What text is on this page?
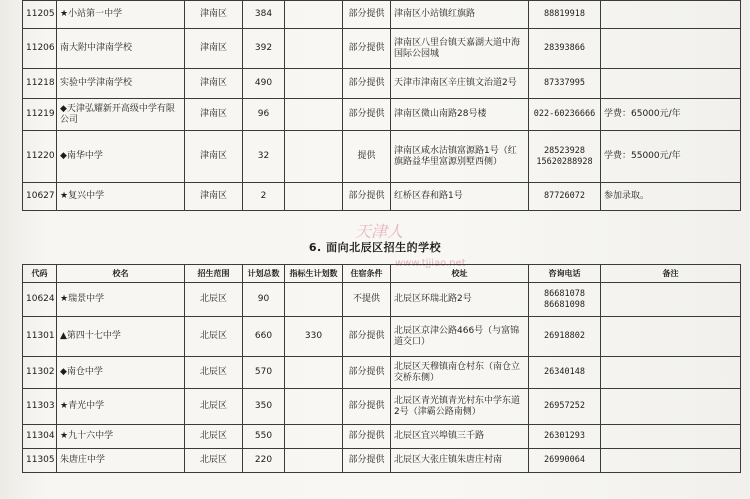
11205	★小站第一中学	津南区	384		部分提供	津南区小站镇红旗路	88819918	
11206	南大附中津南学校	津南区	392		部分提供	津南区八里台镇天嘉湖大道中海国际公园城	28393866	
11218	实验中学津南学校	津南区	490		部分提供	天津市津南区辛庄镇文治道2号	87337995	
11219	◆天津弘耀新开高级中学有限公司	津南区	96		部分提供	津南区微山南路28号楼	022-60236666	学费：65000元/年
11220	◆南华中学	津南区	32		提供	津南区咸水沽镇富源路1号（红旗路益华里富源别墅西侧）	28523928 15620288928	学费：55000元/年
10627	★复兴中学	津南区	2		部分提供	红桥区春和路1号	87726072	参加录取。
天津人
6. 面向北辰区招生的学校
www.tjjiao.net
代码	校名	招生范围	计划总数	指标生计划数	住宿条件	校址	咨询电话	备注
10624	★瑞景中学	北辰区	90		不提供	北辰区环瑞北路2号	86681078 86681098	
11301	▲第四十七中学	北辰区	660	330	部分提供	北辰区京津公路466号（与富锦道交口）	26918802	
11302	◆南仓中学	北辰区	570		部分提供	北辰区天穆镇南仓村东（南仓立交桥东侧）	26340148	
11303	★青光中学	北辰区	350		部分提供	北辰区青光镇青光村东中学东道2号（津霸公路南侧）	26957252	
11304	★九十六中学	北辰区	550		部分提供	北辰区宜兴埠镇三千路	26301293	
11305	朱唐庄中学	北辰区	220		部分提供	北辰区大张庄镇朱唐庄村南	26990064	
